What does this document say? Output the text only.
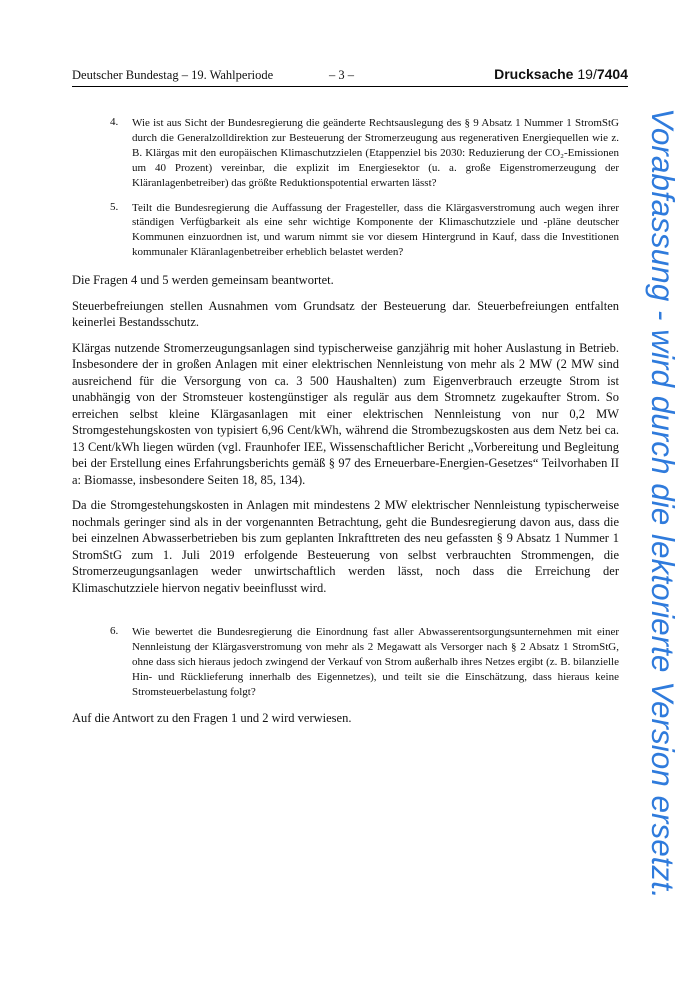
Deutscher Bundestag – 19. Wahlperiode	– 3 –	Drucksache 19/7404
Vorabfassung - wird durch die lektorierte Version ersetzt.
4. Wie ist aus Sicht der Bundesregierung die geänderte Rechtsauslegung des § 9 Absatz 1 Nummer 1 StromStG durch die Generalzolldirektion zur Besteuerung der Stromerzeugung aus regenerativen Energiequellen wie z. B. Klärgas mit den europäischen Klimaschutzzielen (Etappenziel bis 2030: Reduzierung der CO₂-Emissionen um 40 Prozent) vereinbar, die explizit im Energiesektor (u. a. große Eigenstromerzeugung der Kläranlagenbetreiber) das größte Reduktionspotential erwarten lässt?
5. Teilt die Bundesregierung die Auffassung der Fragesteller, dass die Klärgasverstromung auch wegen ihrer ständigen Verfügbarkeit als eine sehr wichtige Komponente der Klimaschutzziele und -pläne deutscher Kommunen einzuordnen ist, und warum nimmt sie vor diesem Hintergrund in Kauf, dass die Investitionen kommunaler Kläranlagenbetreiber erheblich belastet werden?

Die Fragen 4 und 5 werden gemeinsam beantwortet.

Steuerbefreiungen stellen Ausnahmen vom Grundsatz der Besteuerung dar. Steuerbefreiungen entfalten keinerlei Bestandsschutz.

Klärgas nutzende Stromerzeugungsanlagen sind typischerweise ganzjährig mit hoher Auslastung in Betrieb. Insbesondere der in großen Anlagen mit einer elektrischen Nennleistung von mehr als 2 MW (2 MW sind ausreichend für die Versorgung von ca. 3 500 Haushalten) zum Eigenverbrauch erzeugte Strom ist unabhängig von der Stromsteuer kostengünstiger als regulär aus dem Stromnetz zugekaufter Strom. So erreichen selbst kleine Klärgasanlagen mit einer elektrischen Nennleistung von nur 0,2 MW Stromgestehungskosten von typisiert 6,96 Cent/kWh, während die Strombezugskosten aus dem Netz bei ca. 13 Cent/kWh liegen würden (vgl. Fraunhofer IEE, Wissenschaftlicher Bericht „Vorbereitung und Begleitung bei der Erstellung eines Erfahrungsberichts gemäß § 97 des Erneuerbare-Energien-Gesetzes“ Teilvorhaben II a: Biomasse, insbesondere Seiten 18, 85, 134).

Da die Stromgestehungskosten in Anlagen mit mindestens 2 MW elektrischer Nennleistung typischerweise nochmals geringer sind als in der vorgenannten Betrachtung, geht die Bundesregierung davon aus, dass die bei einzelnen Abwasserbetrieben bis zum geplanten Inkrafttreten des neu gefassten § 9 Absatz 1 Nummer 1 StromStG zum 1. Juli 2019 erfolgende Besteuerung von selbst verbrauchten Strommengen, die Stromerzeugungsanlagen weder unwirtschaftlich werden lässt, noch dass die Erreichung der Klimaschutzziele hiervon negativ beeinflusst wird.

6. Wie bewertet die Bundesregierung die Einordnung fast aller Abwasserentsorgungsunternehmen mit einer Nennleistung der Klärgasverstromung von mehr als 2 Megawatt als Versorger nach § 2 Absatz 1 StromStG, ohne dass sich hieraus jedoch zwingend der Verkauf von Strom außerhalb ihres Netzes ergibt (z. B. bilanzielle Hin- und Rücklieferung innerhalb des Eigennetzes), und teilt sie die Einschätzung, dass hieraus keine Stromsteuerbelastung folgt?

Auf die Antwort zu den Fragen 1 und 2 wird verwiesen.
